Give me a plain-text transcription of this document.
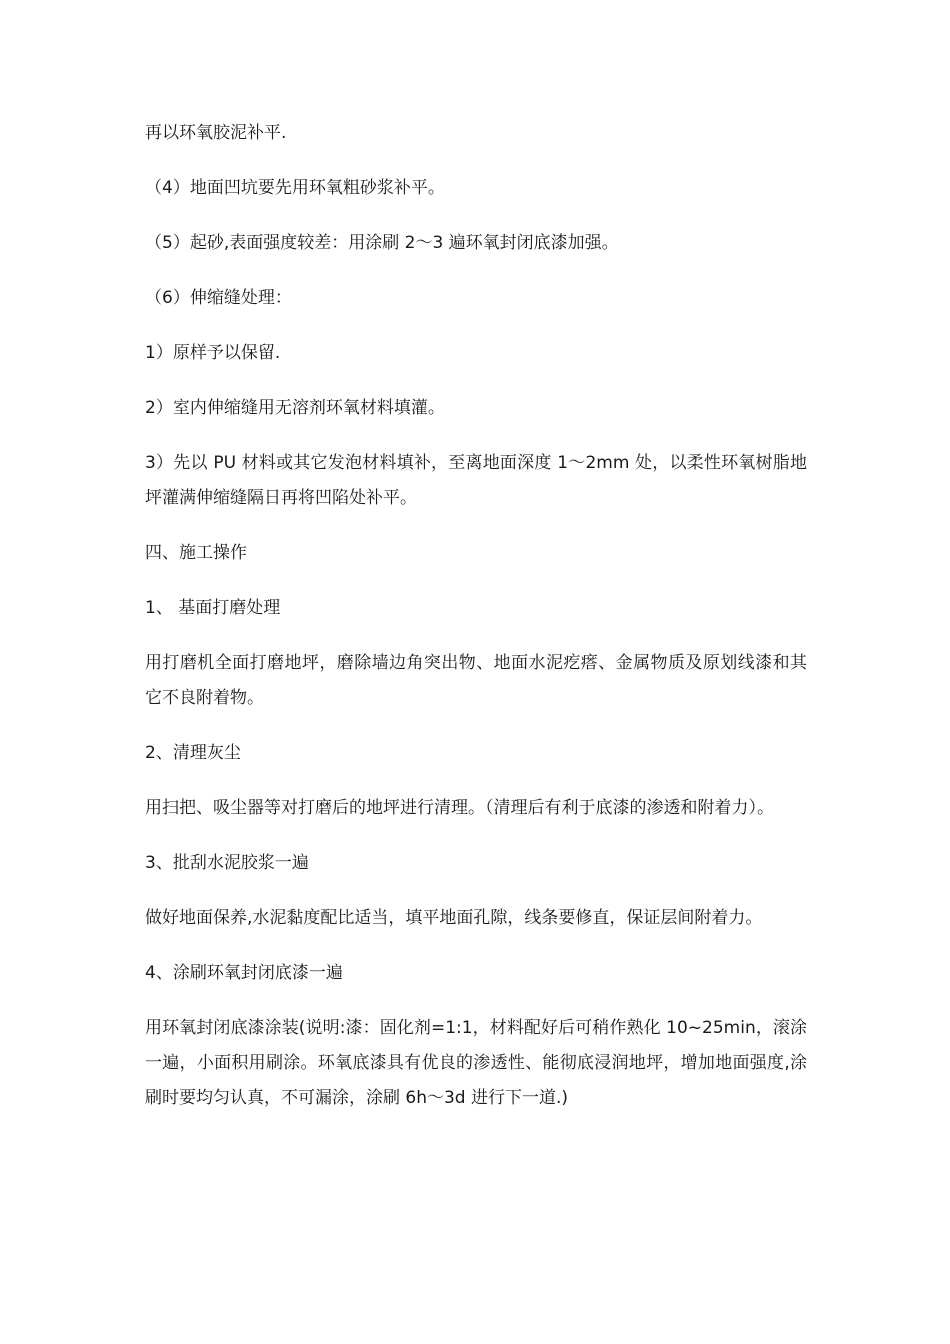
再以环氧胶泥补平.

（4）地面凹坑要先用环氧粗砂浆补平。

（5）起砂,表面强度较差：用涂刷 2～3 遍环氧封闭底漆加强。

（6）伸缩缝处理：

1）原样予以保留.

2）室内伸缩缝用无溶剂环氧材料填灌。

3）先以 PU 材料或其它发泡材料填补，至离地面深度 1～2mm 处，以柔性环氧树脂地坪灌满伸缩缝隔日再将凹陷处补平。

四、施工操作

1、 基面打磨处理

用打磨机全面打磨地坪，磨除墙边角突出物、地面水泥疙瘩、金属物质及原划线漆和其它不良附着物。

2、清理灰尘

用扫把、吸尘器等对打磨后的地坪进行清理。（清理后有利于底漆的渗透和附着力）。

3、批刮水泥胶浆一遍

做好地面保养,水泥黏度配比适当，填平地面孔隙，线条要修直，保证层间附着力。

4、涂刷环氧封闭底漆一遍

用环氧封闭底漆涂装(说明:漆：固化剂=1:1，材料配好后可稍作熟化 10~25min，滚涂一遍，小面积用刷涂。环氧底漆具有优良的渗透性、能彻底浸润地坪，增加地面强度,涂刷时要均匀认真，不可漏涂，涂刷 6h～3d 进行下一道.)
